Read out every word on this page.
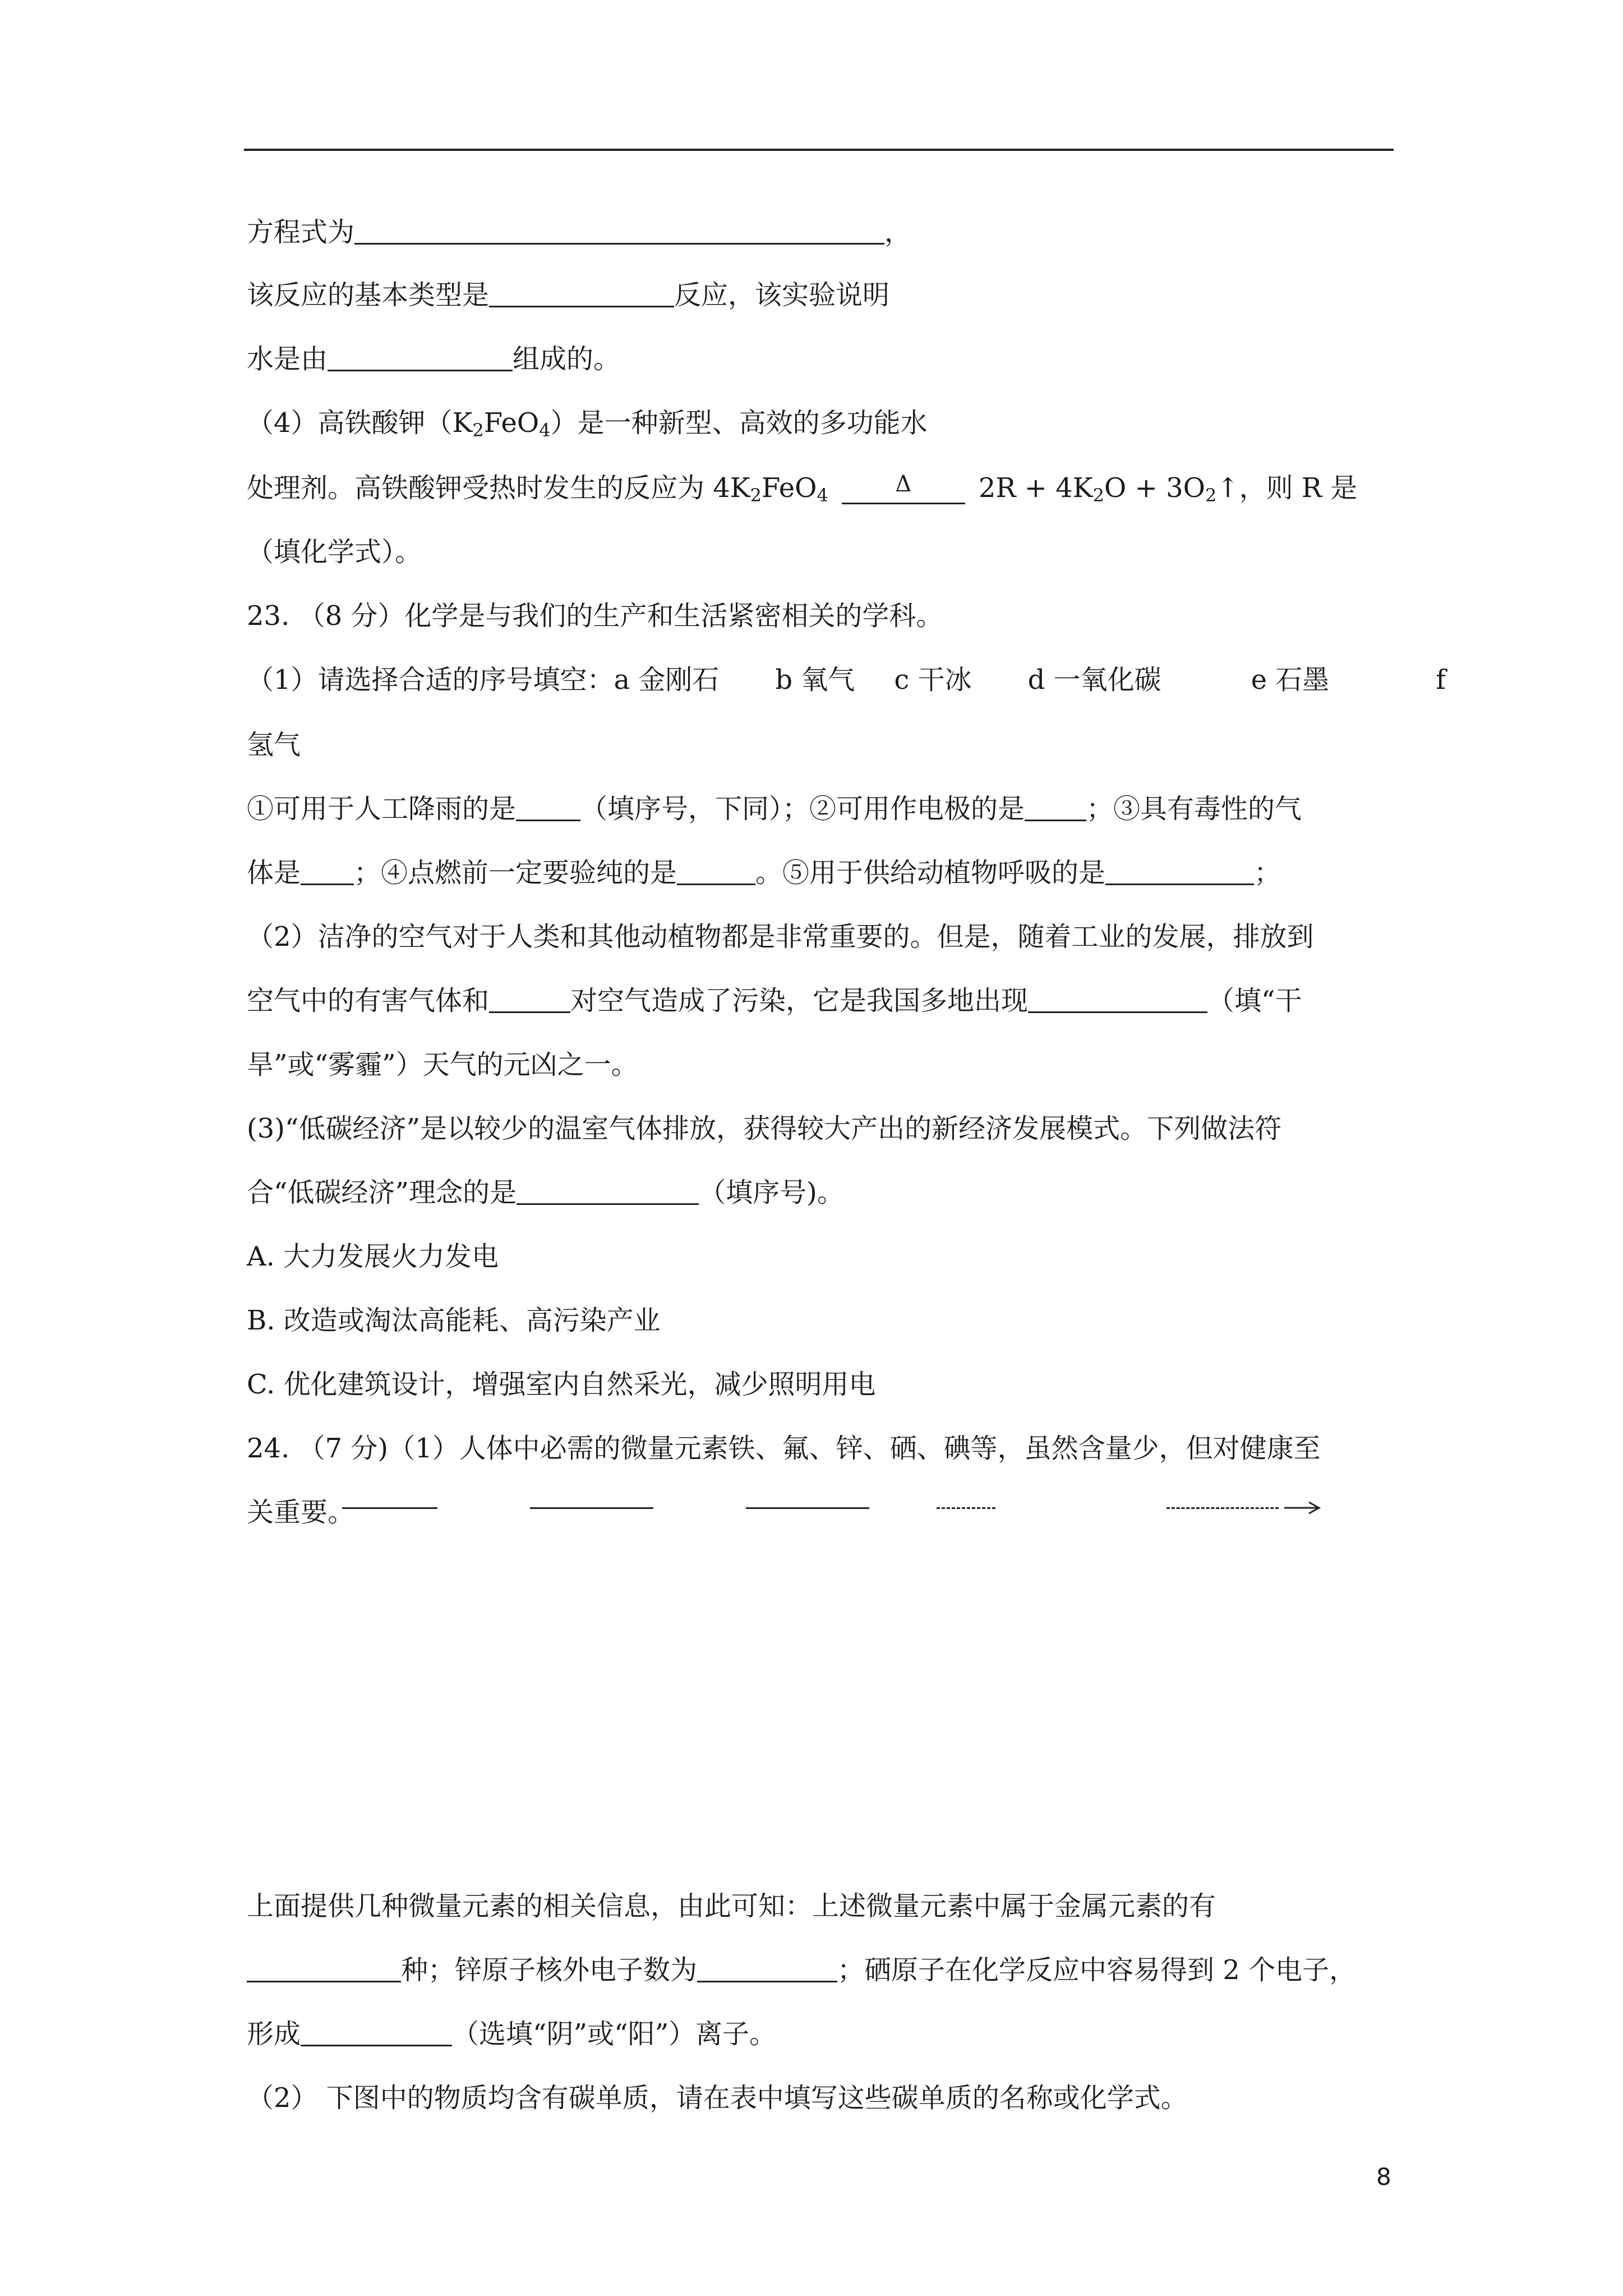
方程式为	，
该反应的基本类型是	反应，该实验说明
水是由	组成的。
（4）高铁酸钾$(K_2FeO_4)$是一种新型、高效的多功能水
处理剂。高铁酸钾受热时发生的反应为 $4K_2FeO_4$	$^\Delta$ $2R + 4K_2O$ + $3O_2↑$，则 R 是
（填化学式）。
23. （8 分）化学是与我们的生产和生活紧密相关的学科。
（1）请选择合适的序号填空：a 金刚石 b 氧气 c 干冰 d 一氧化碳	e 石墨	f
氢气
①可用于人工降雨的是 （填序号，下同）；②可用作电极的是 ；③具有毒性的气
体是 ；④点燃前一定要验纯的是	。⑤用于供给动植物呼吸的是	；
（2）洁净的空气对于人类和其他动植物都是非常重要的。但是，随着工业的发展，排放到
空气中的有害气体和	对空气造成了污染，它是我国多地出现	（填“干
旱”或“雾霾”）天气的元凶之一。
(3)“低碳经济”是以较少的温室气体排放，获得较大产出的新经济发展模式。下列做法符
合“低碳经济”理念的是	（填序号)。
A. 大力发展火力发电
B. 改造或淘汰高能耗、高污染产业
C. 优化建筑设计，增强室内自然采光，减少照明用电
24. （7 分)（1）人体中必需的微量元素铁、氟、锌、硒、碘等，虽然含量少，但对健康至
关重要。
上面提供几种微量元素的相关信息，由此可知：上述微量元素中属于金属元素的有
种；锌原子核外电子数为	；硒原子在化学反应中容易得到 2 个电子，
形成	（选填“阴”或“阳”）离子。
（2） 下图中的物质均含有碳单质，请在表中填写这些碳单质的名称或化学式。
8
